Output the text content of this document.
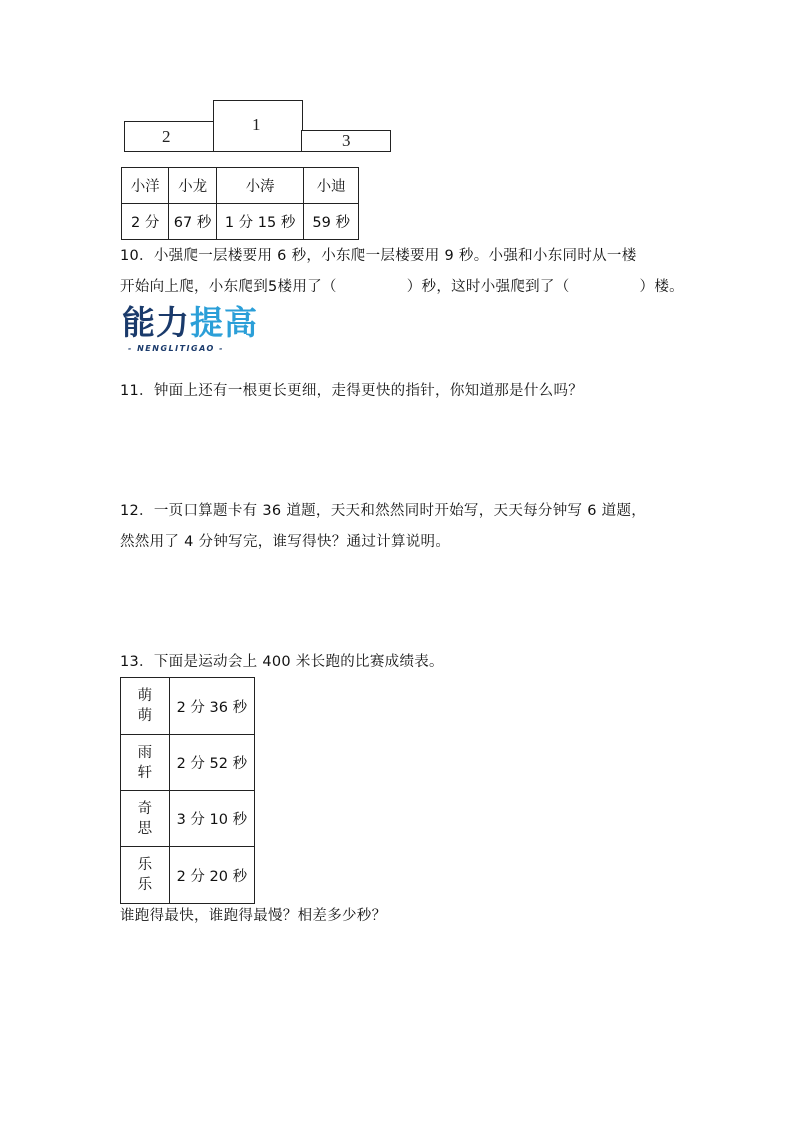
2
1
3
小洋	小龙	小涛	小迪
2 分	67 秒	1 分 15 秒	59 秒
10．小强爬一层楼要用 6 秒，小东爬一层楼要用 9 秒。小强和小东同时从一楼
开始向上爬，小东爬到5楼用了（	）秒，这时小强爬到了（	）楼。
能力提高
- NENGLITIGAO -
11．钟面上还有一根更长更细，走得更快的指针，你知道那是什么吗？
12．一页口算题卡有 36 道题，天天和然然同时开始写，天天每分钟写 6 道题，
然然用了 4 分钟写完，谁写得快？通过计算说明。
13．下面是运动会上 400 米长跑的比赛成绩表。
萌
萌	2 分 36 秒
雨
轩	2 分 52 秒
奇
思	3 分 10 秒
乐
乐	2 分 20 秒
谁跑得最快，谁跑得最慢？相差多少秒？
